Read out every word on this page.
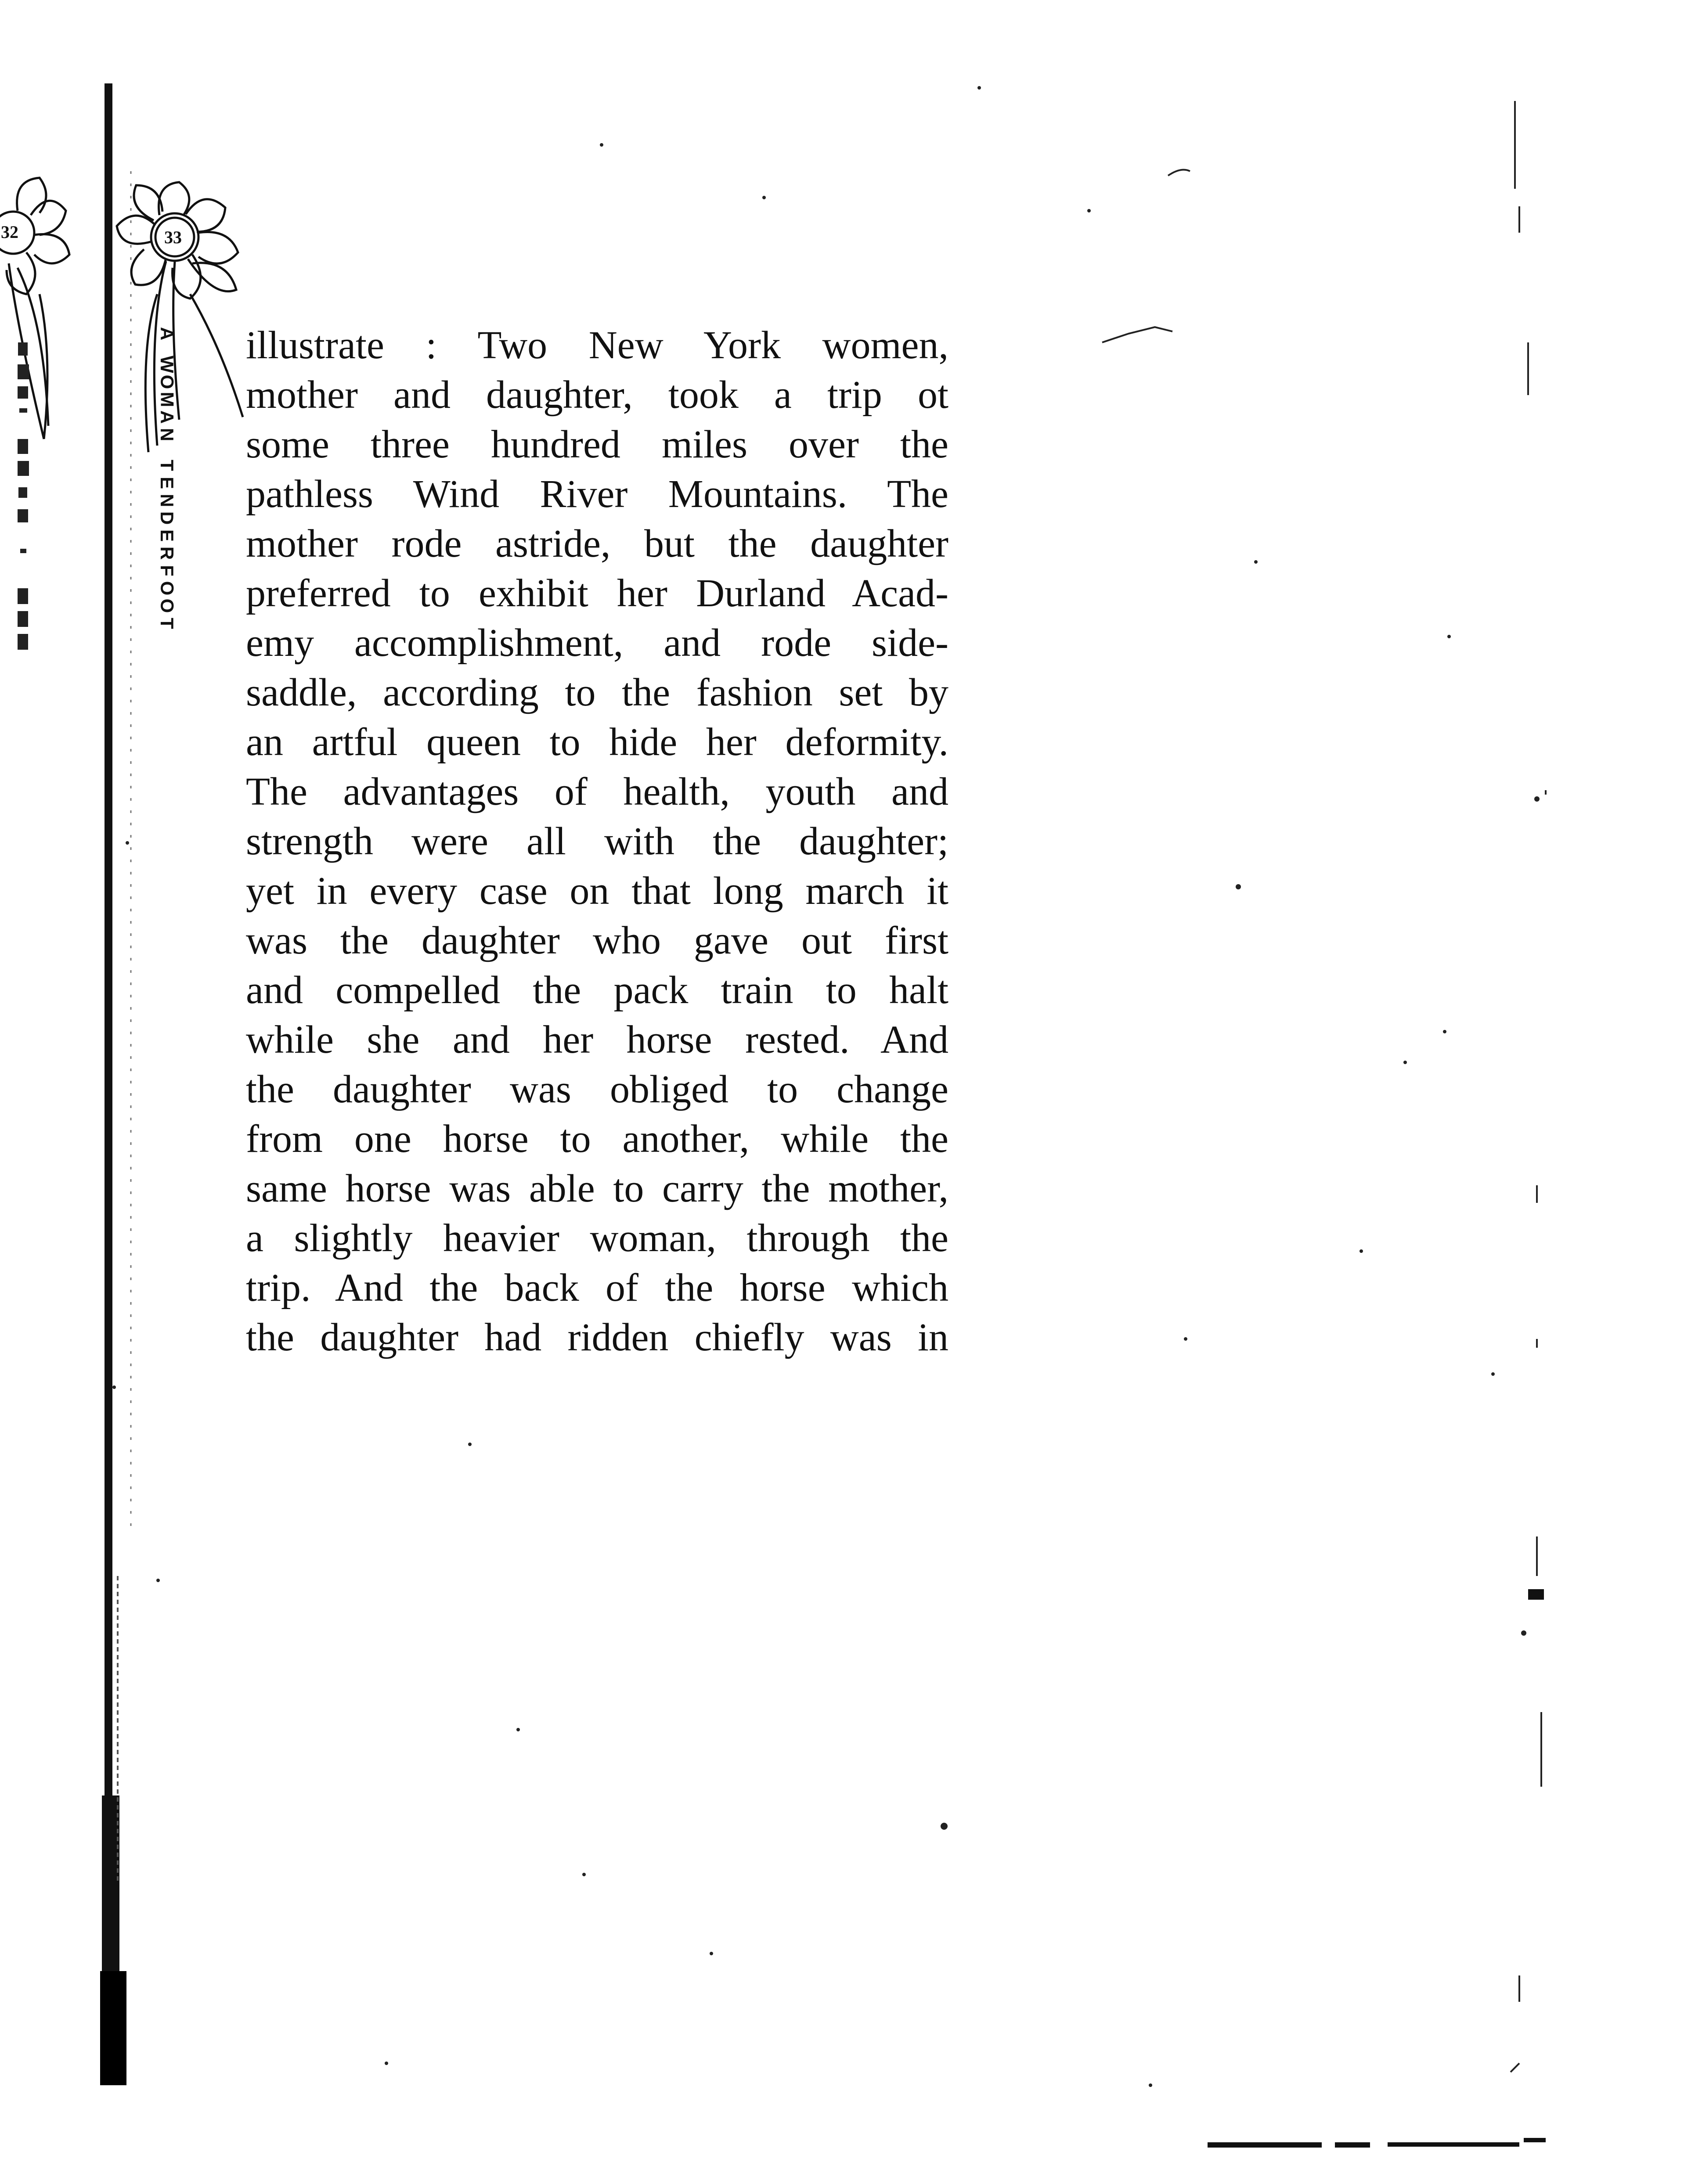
32	33
A
W
O
M
A
N
T
E
N
D
E
R
F
O
O
T
illustrate : Two New York women,
mother and daughter, took a trip ot
some three hundred miles over the
pathless Wind River Mountains. The
mother rode astride, but the daughter
preferred to exhibit her Durland Acad-
emy accomplishment, and rode side-
saddle, according to the fashion set by
an artful queen to hide her deformity.
The advantages of health, youth and
strength were all with the daughter;
yet in every case on that long march it
was the daughter who gave out first
and compelled the pack train to halt
while she and her horse rested. And
the daughter was obliged to change
from one horse to another, while the
same horse was able to carry the mother,
a slightly heavier woman, through the
trip. And the back of the horse which
the daughter had ridden chiefly was in
